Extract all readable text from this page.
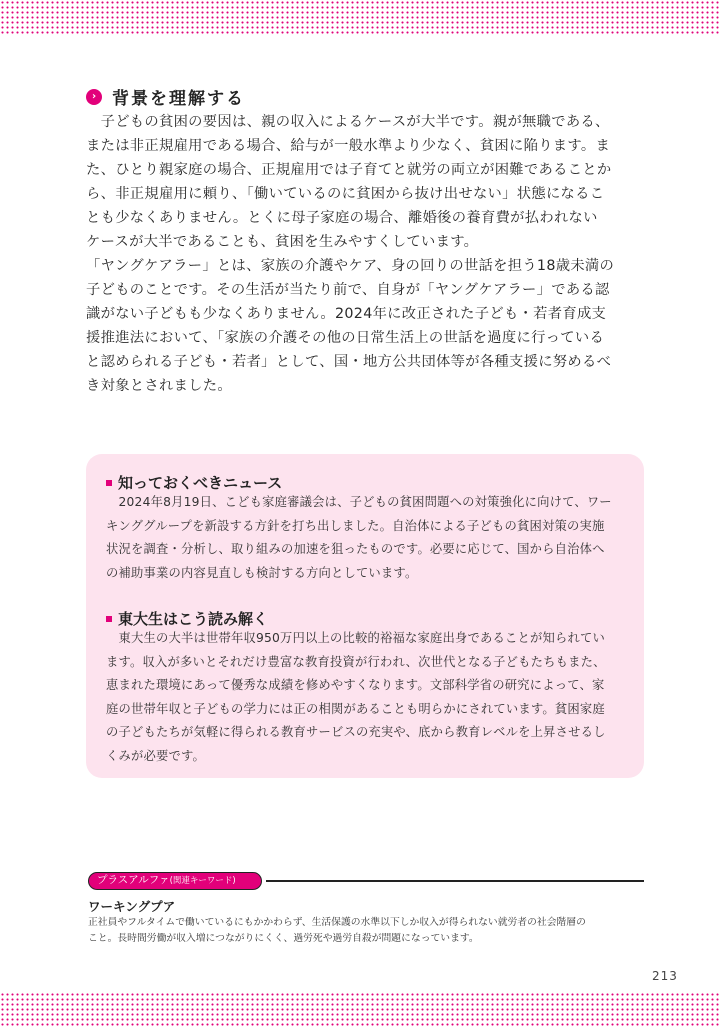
› 背景を理解する

　子どもの貧困の要因は、親の収入によるケースが大半です。親が無職である、

または非正規雇用である場合、給与が一般水準より少なく、貧困に陥ります。ま

た、ひとり親家庭の場合、正規雇用では子育てと就労の両立が困難であることか

ら、非正規雇用に頼り、「働いているのに貧困から抜け出せない」状態になるこ

とも少なくありません。とくに母子家庭の場合、離婚後の養育費が払われない

ケースが大半であることも、貧困を生みやすくしています。

「ヤングケアラー」とは、家族の介護やケア、身の回りの世話を担う18歳未満の

子どものことです。その生活が当たり前で、自身が「ヤングケアラー」である認

識がない子どもも少なくありません。2024年に改正された子ども・若者育成支

援推進法において、「家族の介護その他の日常生活上の世話を過度に行っている

と認められる子ども・若者」として、国・地方公共団体等が各種支援に努めるべ

き対象とされました。

知っておくべきニュース

　2024年8月19日、こども家庭審議会は、子どもの貧困問題への対策強化に向けて、ワー

キンググループを新設する方針を打ち出しました。自治体による子どもの貧困対策の実施

状況を調査・分析し、取り組みの加速を狙ったものです。必要に応じて、国から自治体へ

の補助事業の内容見直しも検討する方向としています。

東大生はこう読み解く

　東大生の大半は世帯年収950万円以上の比較的裕福な家庭出身であることが知られてい

ます。収入が多いとそれだけ豊富な教育投資が行われ、次世代となる子どもたちもまた、

恵まれた環境にあって優秀な成績を修めやすくなります。文部科学省の研究によって、家

庭の世帯年収と子どもの学力には正の相関があることも明らかにされています。貧困家庭

の子どもたちが気軽に得られる教育サービスの充実や、底から教育レベルを上昇させるし

くみが必要です。

プラスアルファ(関連キーワード)
ワーキングプア

正社員やフルタイムで働いているにもかかわらず、生活保護の水準以下しか収入が得られない就労者の社会階層の

こと。長時間労働が収入増につながりにくく、過労死や過労自殺が問題になっています。

213
